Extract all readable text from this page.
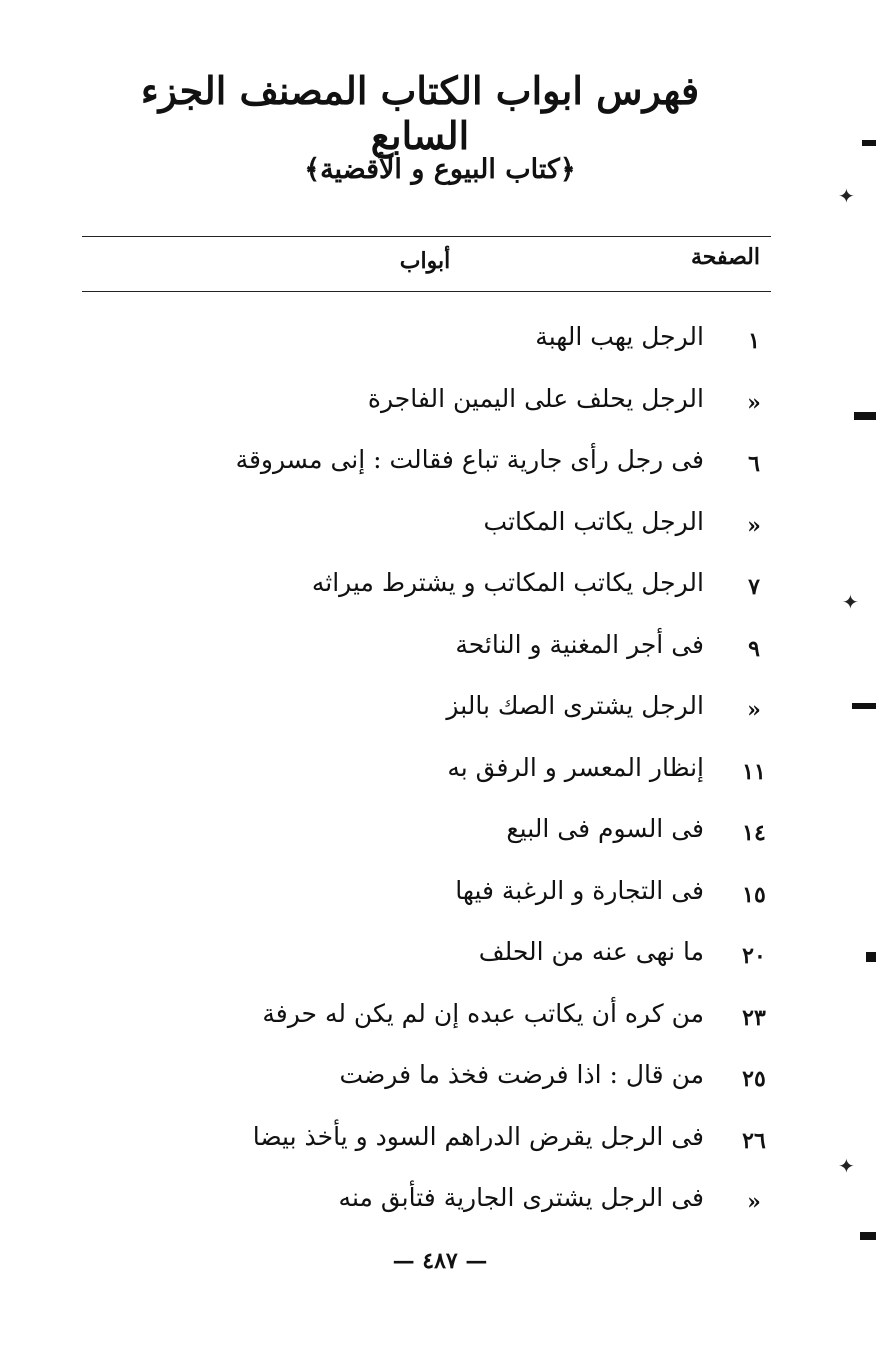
فهرس ابواب الكتاب المصنف الجزء السابع
﴿كتاب البيوع و الأقضية﴾
الصفحة
أبواب
١
الرجل يهب الهبة
«
الرجل يحلف على اليمين الفاجرة
٦
فى رجل رأى جارية تباع فقالت : إنى مسروقة
«
الرجل يكاتب المكاتب
٧
الرجل يكاتب المكاتب و يشترط ميراثه
٩
فى أجر المغنية و النائحة
«
الرجل يشترى الصك بالبز
١١
إنظار المعسر و الرفق به
١٤
فى السوم فى البيع
١٥
فى التجارة و الرغبة فيها
٢٠
ما نهى عنه من الحلف
٢٣
من كره أن يكاتب عبده إن لم يكن له حرفة
٢٥
من قال : اذا فرضت فخذ ما فرضت
٢٦
فى الرجل يقرض الدراهم السود و يأخذ بيضا
«
فى الرجل يشترى الجارية فتأبق منه
— ٤٨٧ —
✦
✦
✦
